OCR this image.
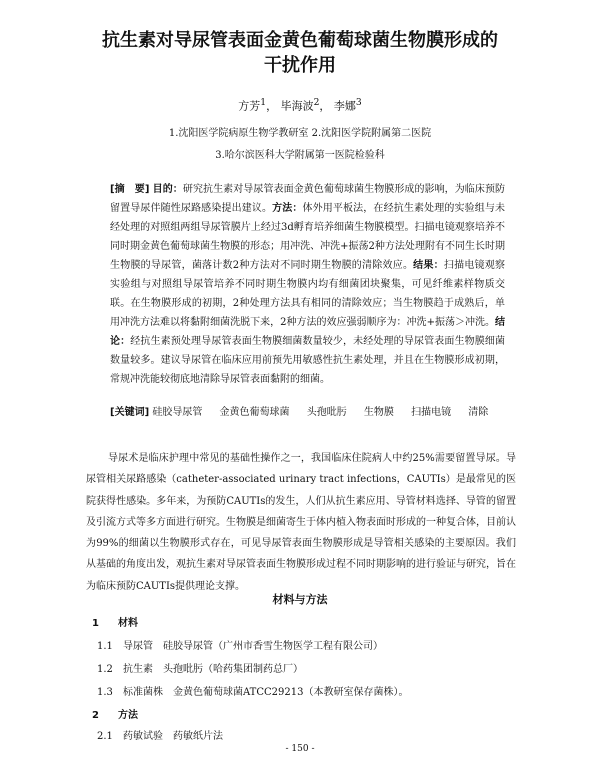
抗生素对导尿管表面金黄色葡萄球菌生物膜形成的
干扰作用
方芳$^1$， 毕海波$^2$， 李娜$^3$
1.沈阳医学院病原生物学教研室 2.沈阳医学院附属第二医院
3.哈尔滨医科大学附属第一医院检验科
[摘　要] 目的：研究抗生素对导尿管表面金黄色葡萄球菌生物膜形成的影响，为临床预防留置导尿伴随性尿路感染提出建议。方法：体外用平板法，在经抗生素处理的实验组与未经处理的对照组两组导尿管膜片上经过3d孵育培养细菌生物膜模型。扫描电镜观察培养不同时期金黄色葡萄球菌生物膜的形态；用冲洗、冲洗+振荡2种方法处理附有不同生长时期生物膜的导尿管，菌落计数2种方法对不同时期生物膜的清除效应。结果：扫描电镜观察实验组与对照组导尿管培养不同时期生物膜内均有细菌团块聚集，可见纤维素样物质交联。在生物膜形成的初期，2种处理方法具有相同的清除效应；当生物膜趋于成熟后，单用冲洗方法难以将黏附细菌洗脱下来，2种方法的效应强弱顺序为：冲洗+振荡＞冲洗。结论：经抗生素预处理导尿管表面生物膜细菌数量较少，未经处理的导尿管表面生物膜细菌数量较多。建议导尿管在临床应用前预先用敏感性抗生素处理，并且在生物膜形成初期，常规冲洗能较彻底地清除导尿管表面黏附的细菌。
[关键词] 硅胶导尿管 金黄色葡萄球菌 头孢吡肟 生物膜 扫描电镜 清除
导尿术是临床护理中常见的基础性操作之一，我国临床住院病人中约25%需要留置导尿。导尿管相关尿路感染（catheter-associated urinary tract infections，CAUTIs）是最常见的医院获得性感染。多年来，为预防CAUTIs的发生，人们从抗生素应用、导管材料选择、导管的留置及引流方式等多方面进行研究。生物膜是细菌寄生于体内植入物表面时形成的一种复合体，目前认为99%的细菌以生物膜形式存在，可见导尿管表面生物膜形成是导管相关感染的主要原因。我们从基础的角度出发，观抗生素对导尿管表面生物膜形成过程不同时期影响的进行验证与研究，旨在为临床预防CAUTIs提供理论支撑。
材料与方法
1 材料
1.1 导尿管　硅胶导尿管（广州市香雪生物医学工程有限公司）
1.2 抗生素　头孢吡肟（哈药集团制药总厂）
1.3 标准菌株　金黄色葡萄球菌ATCC29213（本教研室保存菌株）。
2 方法
2.1 药敏试验　药敏纸片法
- 150 -
